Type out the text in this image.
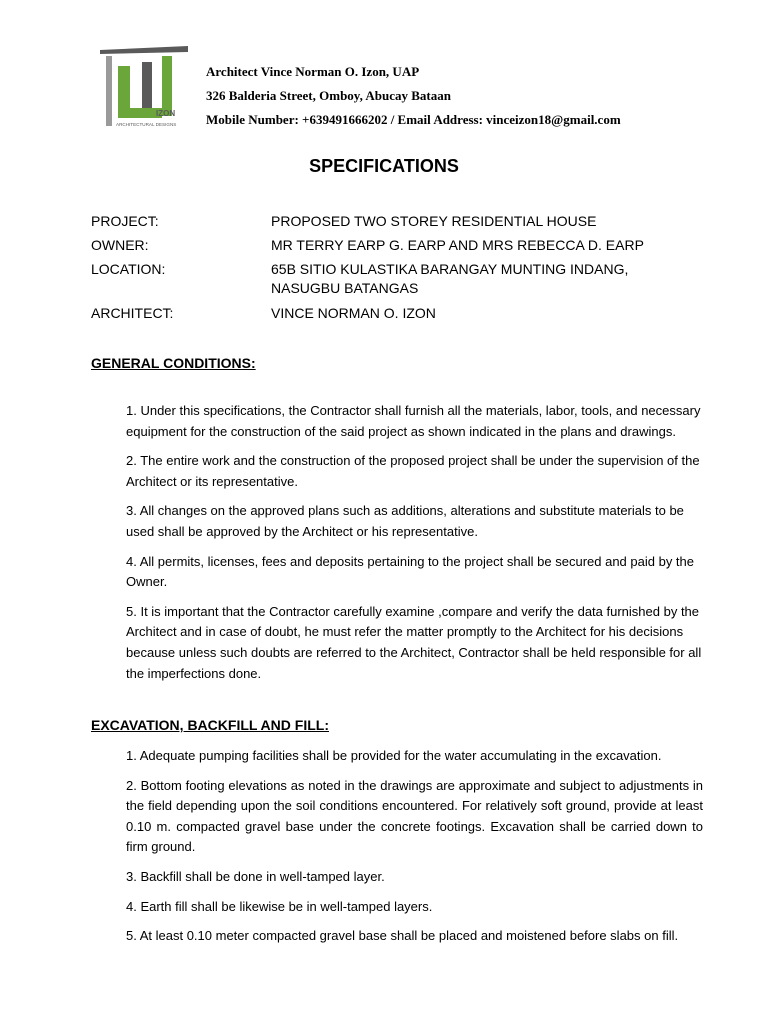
IZON
ARCHITECTURAL DESIGNS
Architect Vince Norman O. Izon, UAP
326 Balderia Street, Omboy, Abucay Bataan
Mobile Number: +639491666202 / Email Address: vinceizon18@gmail.com
SPECIFICATIONS
PROJECT:	PROPOSED TWO STOREY RESIDENTIAL HOUSE
OWNER:	MR TERRY EARP G. EARP AND MRS REBECCA D. EARP
LOCATION:	65B SITIO KULASTIKA BARANGAY MUNTING INDANG, NASUGBU BATANGAS
ARCHITECT:	VINCE NORMAN O. IZON
GENERAL CONDITIONS:

1. Under this specifications, the Contractor shall furnish all the materials, labor, tools, and necessary equipment for the construction of the said project as shown indicated in the plans and drawings.

2. The entire work and the construction of the proposed project shall be under the supervision of the Architect or its representative.

3. All changes on the approved plans such as additions, alterations and substitute materials to be used shall be approved by the Architect or his representative.

4. All permits, licenses, fees and deposits pertaining to the project shall be secured and paid by the Owner.

5. It is important that the Contractor carefully examine ,compare and verify the data furnished by the Architect and in case of doubt, he must refer the matter promptly to the Architect for his decisions because unless such doubts are referred to the Architect, Contractor shall be held responsible for all the imperfections done.

EXCAVATION, BACKFILL AND FILL:

1. Adequate pumping facilities shall be provided for the water accumulating in the excavation.

2. Bottom footing elevations as noted in the drawings are approximate and subject to adjustments in the field depending upon the soil conditions encountered. For relatively soft ground, provide at least 0.10 m. compacted gravel base under the concrete footings. Excavation shall be carried down to firm ground.

3. Backfill shall be done in well-tamped layer.

4. Earth fill shall be likewise be in well-tamped layers.

5. At least 0.10 meter compacted gravel base shall be placed and moistened before slabs on fill.
